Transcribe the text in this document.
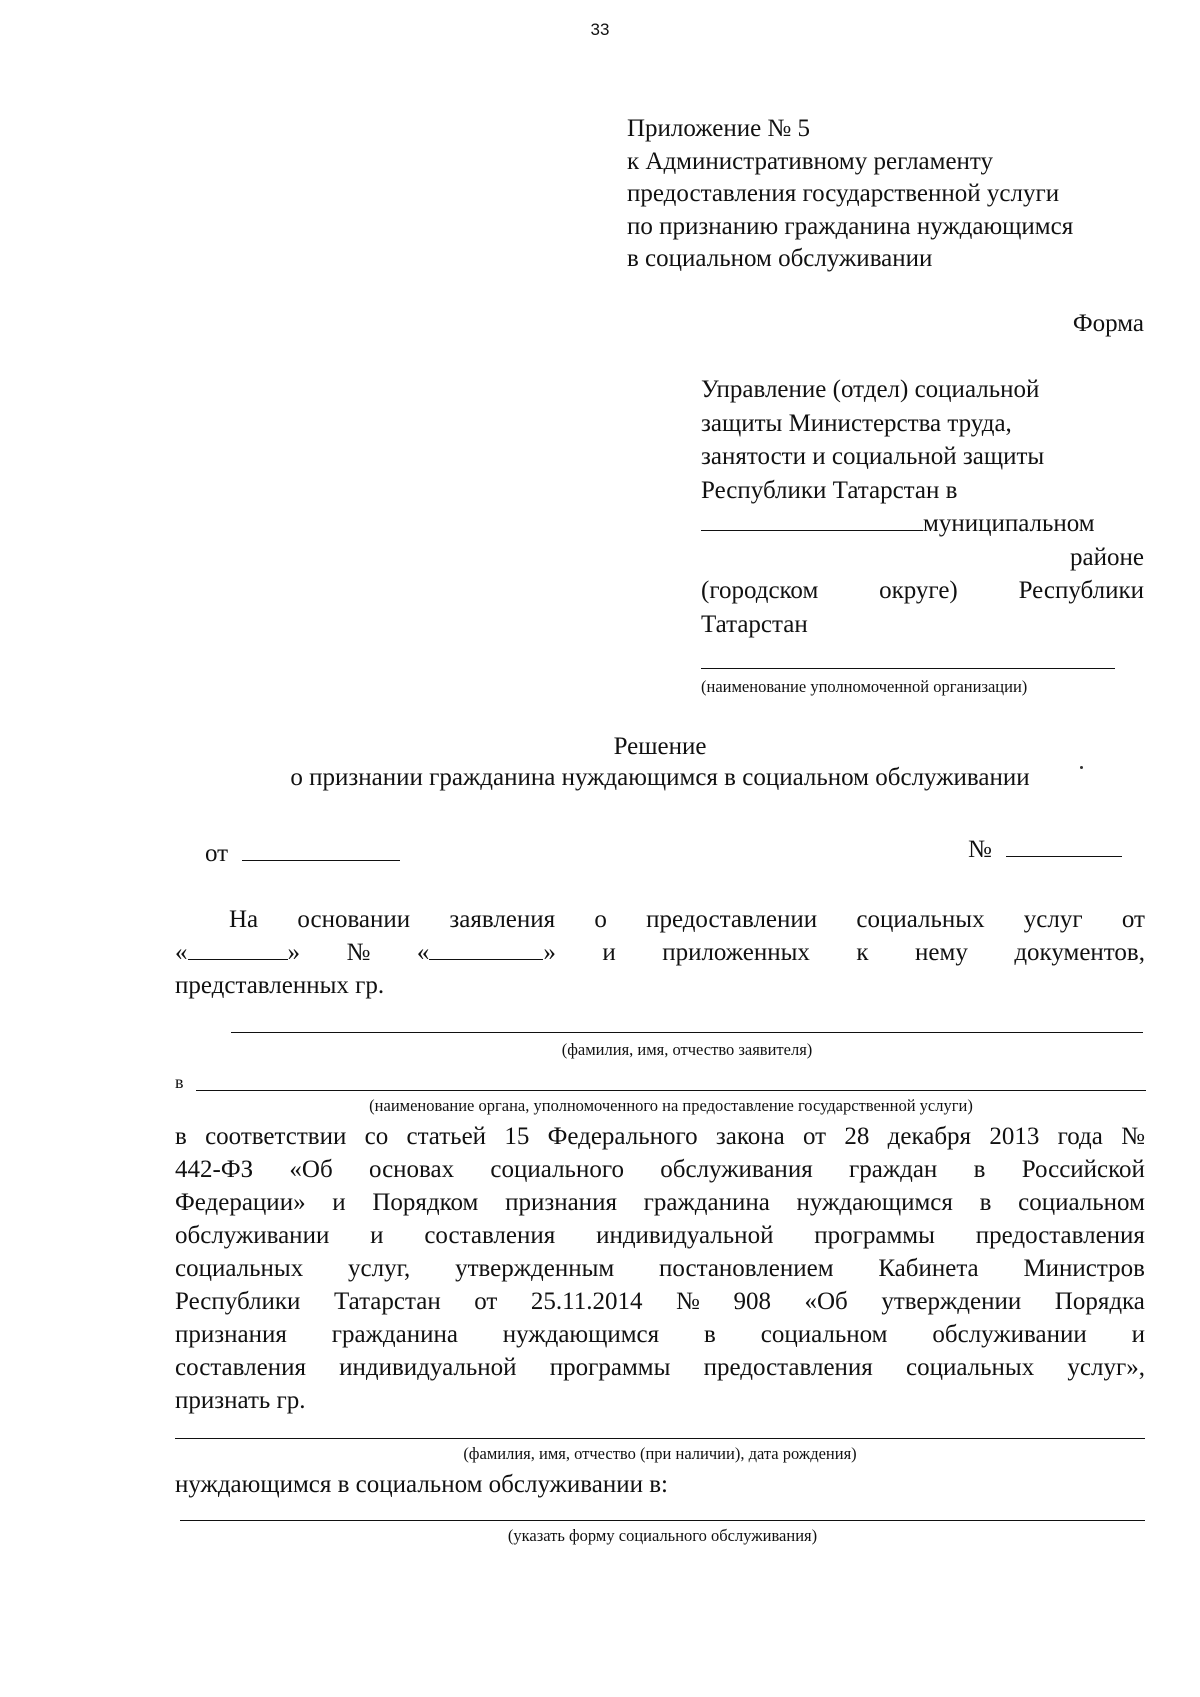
33
Приложение № 5
к Административному регламенту
предоставления государственной услуги
по признанию гражданина нуждающимся
в социальном обслуживании
Форма
Управление (отдел) социальной
защиты Министерства труда,
занятости и социальной защиты
Республики Татарстан в
муниципальном
районе
(городском округе) Республики
Татарстан
(наименование уполномоченной организации)
Решение
о признании гражданина нуждающимся в социальном обслуживании
от	№
На основании заявления о предоставлении социальных услуг от
«	» № «	» и приложенных к нему документов,
представленных гр.
(фамилия, имя, отчество заявителя)
в
(наименование органа, уполномоченного на предоставление государственной услуги)
в соответствии со статьей 15 Федерального закона от 28 декабря 2013 года №
442-ФЗ «Об основах социального обслуживания граждан в Российской
Федерации» и Порядком признания гражданина нуждающимся в социальном
обслуживании и составления индивидуальной программы предоставления
социальных услуг, утвержденным постановлением Кабинета Министров
Республики Татарстан от 25.11.2014 № 908 «Об утверждении Порядка
признания гражданина нуждающимся в социальном обслуживании и
составления индивидуальной программы предоставления социальных услуг»,
признать гр.
(фамилия, имя, отчество (при наличии), дата рождения)
нуждающимся в социальном обслуживании в:
(указать форму социального обслуживания)
